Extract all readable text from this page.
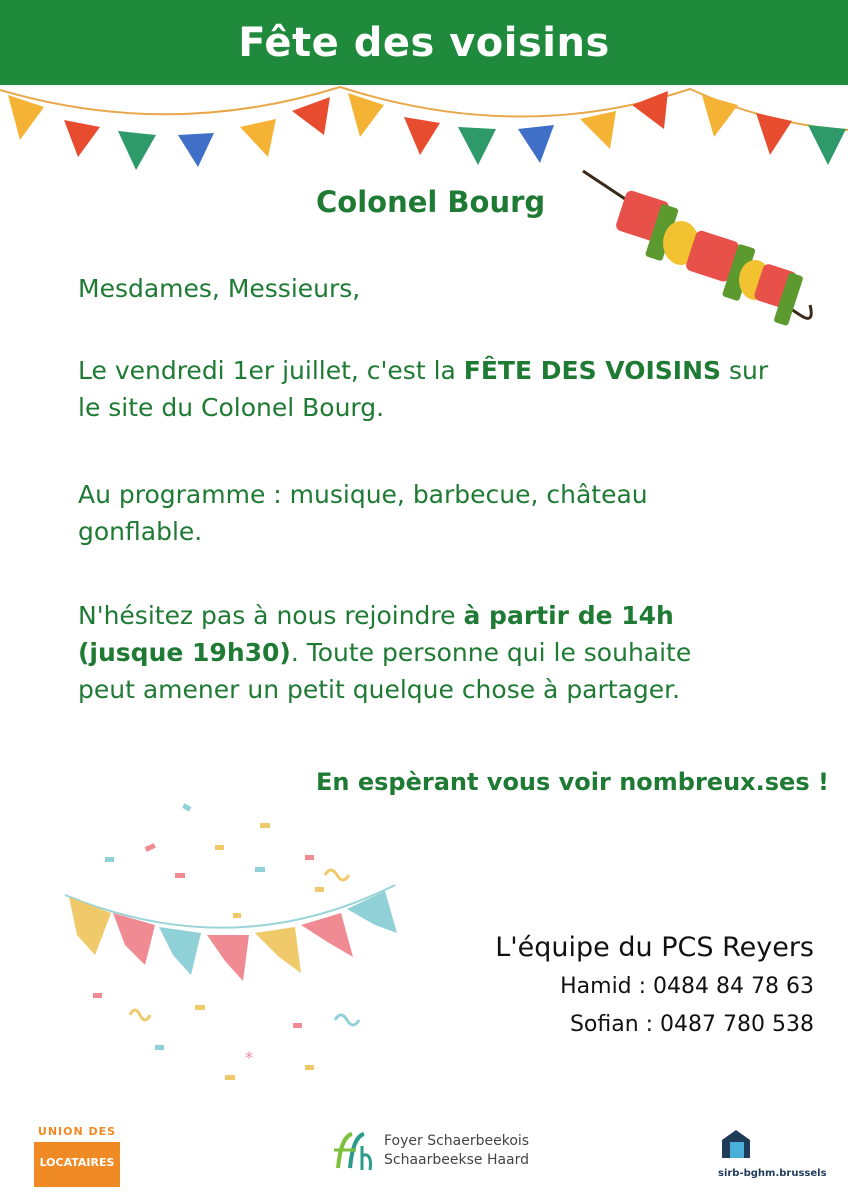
Fête des voisins
Colonel Bourg
Mesdames, Messieurs,
Le vendredi 1er juillet, c'est la FÊTE DES VOISINS sur le site du Colonel Bourg.
Au programme : musique, barbecue, château gonflable.
N'hésitez pas à nous rejoindre à partir de 14h (jusque 19h30). Toute personne qui le souhaite peut amener un petit quelque chose à partager.
En espèrant vous voir nombreux.ses !
*
L'équipe du PCS Reyers
Hamid : 0484 84 78 63
Sofian : 0487 780 538
UNION DES
LOCATAIRES
Foyer Schaerbeekois
Schaarbeekse Haard
sirb-bghm.brussels
